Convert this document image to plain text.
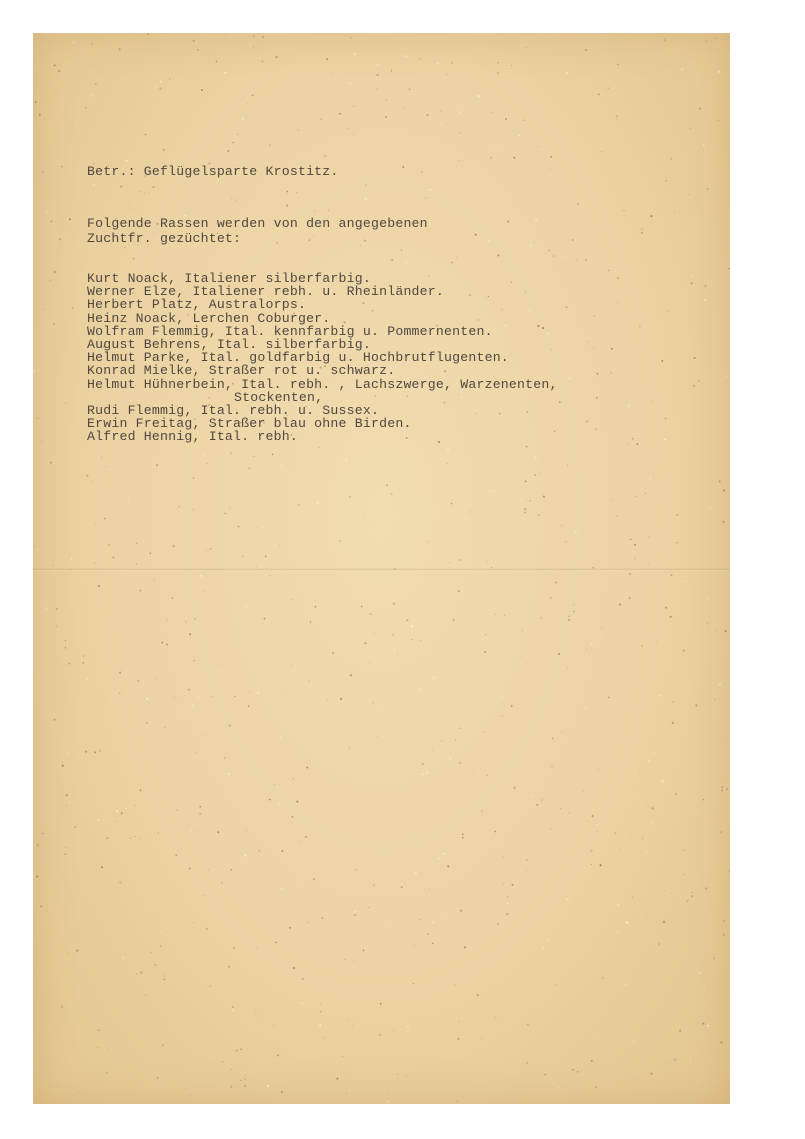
Betr.: Geflügelsparte Krostitz.

Folgende Rassen werden von den angegebenen
Zuchtfr. gezüchtet:
Kurt Noack, Italiener silberfarbig.
Werner Elze, Italiener rebh. u. Rheinländer.
Herbert Platz, Australorps.
Heinz Noack, Lerchen Coburger.
Wolfram Flemmig, Ital. kennfarbig u. Pommernenten.
August Behrens, Ital. silberfarbig.
Helmut Parke, Ital. goldfarbig u. Hochbrutflugenten.
Konrad Mielke, Straßer rot u. schwarz.
Helmut Hühnerbein, Ital. rebh. , Lachszwerge, Warzenenten,
Stockenten,
Rudi Flemmig, Ital. rebh. u. Sussex.
Erwin Freitag, Straßer blau ohne Birden.
Alfred Hennig, Ital. rebh.
